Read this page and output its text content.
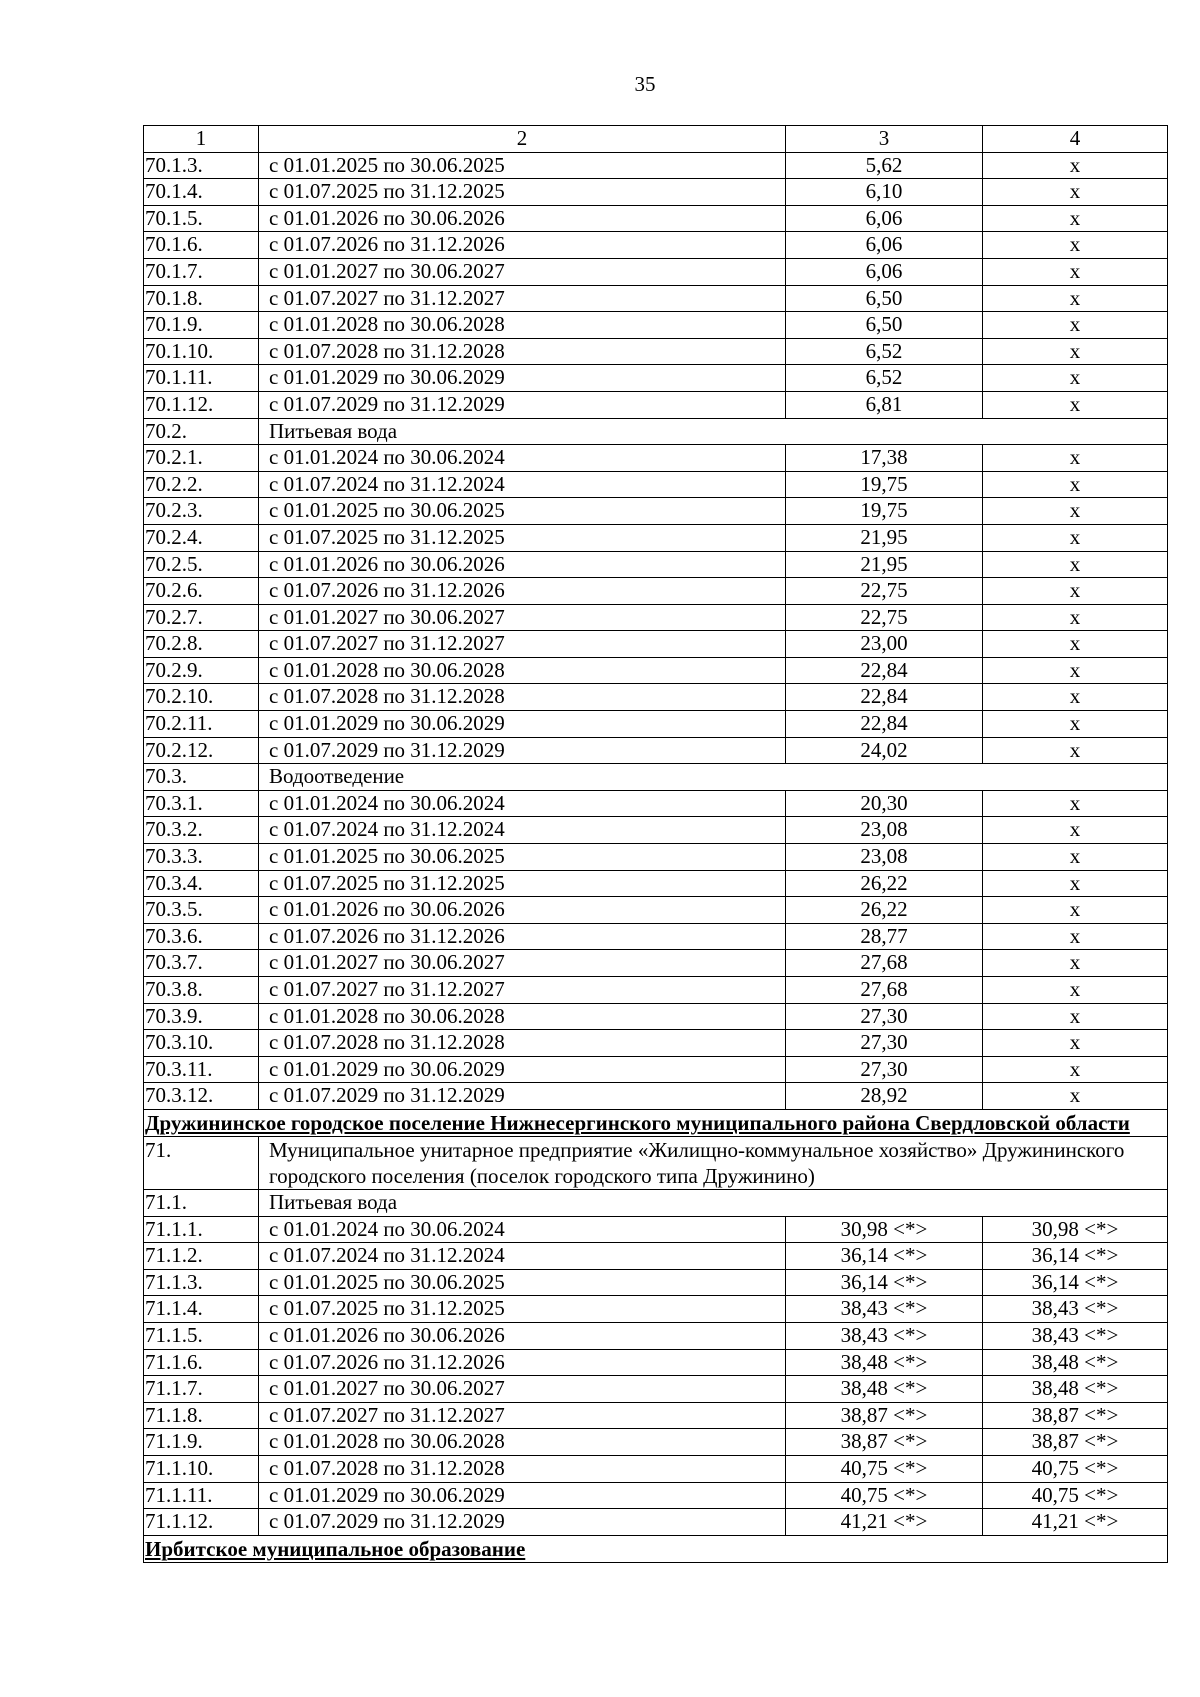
35
1	2	3	4
70.1.3.	с 01.01.2025 по 30.06.2025	5,62	x
70.1.4.	с 01.07.2025 по 31.12.2025	6,10	x
70.1.5.	с 01.01.2026 по 30.06.2026	6,06	x
70.1.6.	с 01.07.2026 по 31.12.2026	6,06	x
70.1.7.	с 01.01.2027 по 30.06.2027	6,06	x
70.1.8.	с 01.07.2027 по 31.12.2027	6,50	x
70.1.9.	с 01.01.2028 по 30.06.2028	6,50	x
70.1.10.	с 01.07.2028 по 31.12.2028	6,52	x
70.1.11.	с 01.01.2029 по 30.06.2029	6,52	x
70.1.12.	с 01.07.2029 по 31.12.2029	6,81	x
70.2.	Питьевая вода		
70.2.1.	с 01.01.2024 по 30.06.2024	17,38	x
70.2.2.	с 01.07.2024 по 31.12.2024	19,75	x
70.2.3.	с 01.01.2025 по 30.06.2025	19,75	x
70.2.4.	с 01.07.2025 по 31.12.2025	21,95	x
70.2.5.	с 01.01.2026 по 30.06.2026	21,95	x
70.2.6.	с 01.07.2026 по 31.12.2026	22,75	x
70.2.7.	с 01.01.2027 по 30.06.2027	22,75	x
70.2.8.	с 01.07.2027 по 31.12.2027	23,00	x
70.2.9.	с 01.01.2028 по 30.06.2028	22,84	x
70.2.10.	с 01.07.2028 по 31.12.2028	22,84	x
70.2.11.	с 01.01.2029 по 30.06.2029	22,84	x
70.2.12.	с 01.07.2029 по 31.12.2029	24,02	x
70.3.	Водоотведение		
70.3.1.	с 01.01.2024 по 30.06.2024	20,30	x
70.3.2.	с 01.07.2024 по 31.12.2024	23,08	x
70.3.3.	с 01.01.2025 по 30.06.2025	23,08	x
70.3.4.	с 01.07.2025 по 31.12.2025	26,22	x
70.3.5.	с 01.01.2026 по 30.06.2026	26,22	x
70.3.6.	с 01.07.2026 по 31.12.2026	28,77	x
70.3.7.	с 01.01.2027 по 30.06.2027	27,68	x
70.3.8.	с 01.07.2027 по 31.12.2027	27,68	x
70.3.9.	с 01.01.2028 по 30.06.2028	27,30	x
70.3.10.	с 01.07.2028 по 31.12.2028	27,30	x
70.3.11.	с 01.01.2029 по 30.06.2029	27,30	x
70.3.12.	с 01.07.2029 по 31.12.2029	28,92	x
Дружининское городское поселение Нижнесергинского муниципального района Свердловской области			
71.	Муниципальное унитарное предприятие «Жилищно-коммунальное хозяйство» Дружининского городского поселения (поселок городского типа Дружинино)		
71.1.	Питьевая вода		
71.1.1.	с 01.01.2024 по 30.06.2024	30,98 <*>	30,98 <*>
71.1.2.	с 01.07.2024 по 31.12.2024	36,14 <*>	36,14 <*>
71.1.3.	с 01.01.2025 по 30.06.2025	36,14 <*>	36,14 <*>
71.1.4.	с 01.07.2025 по 31.12.2025	38,43 <*>	38,43 <*>
71.1.5.	с 01.01.2026 по 30.06.2026	38,43 <*>	38,43 <*>
71.1.6.	с 01.07.2026 по 31.12.2026	38,48 <*>	38,48 <*>
71.1.7.	с 01.01.2027 по 30.06.2027	38,48 <*>	38,48 <*>
71.1.8.	с 01.07.2027 по 31.12.2027	38,87 <*>	38,87 <*>
71.1.9.	с 01.01.2028 по 30.06.2028	38,87 <*>	38,87 <*>
71.1.10.	с 01.07.2028 по 31.12.2028	40,75 <*>	40,75 <*>
71.1.11.	с 01.01.2029 по 30.06.2029	40,75 <*>	40,75 <*>
71.1.12.	с 01.07.2029 по 31.12.2029	41,21 <*>	41,21 <*>
Ирбитское муниципальное образование			
